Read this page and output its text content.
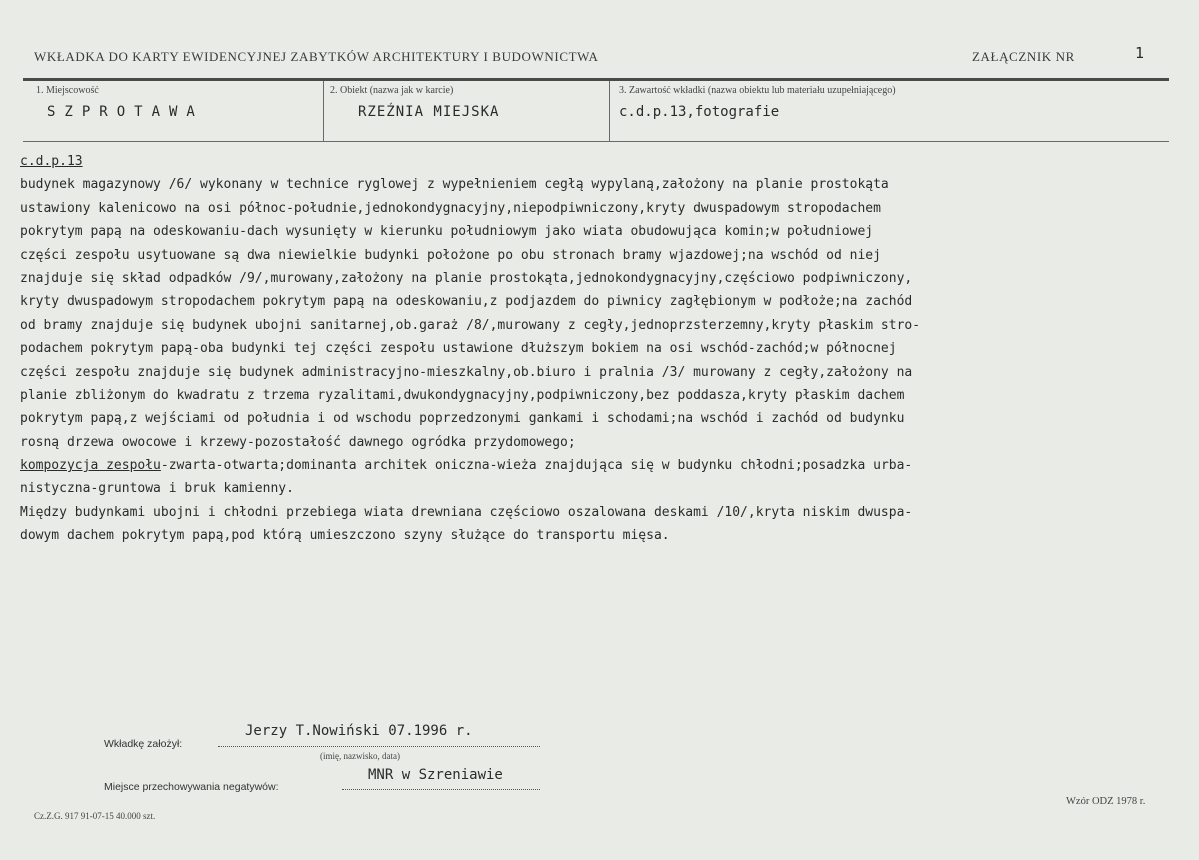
WKŁADKA DO KARTY EWIDENCYJNEJ ZABYTKÓW ARCHITEKTURY I BUDOWNICTWA	ZAŁĄCZNIK NR	1
1. Miejscowość
SZPROTAWA
2. Obiekt (nazwa jak w karcie)
RZEŹNIA MIEJSKA
3. Zawartość wkładki (nazwa obiektu lub materiału uzupełniającego)
c.d.p.13,fotografie
c.d.p.13
budynek magazynowy /6/ wykonany w technice ryglowej z wypełnieniem cegłą wypylaną,założony na planie prostokąta
ustawiony kalenicowo na osi północ-południe,jednokondygnacyjny,niepodpiwniczony,kryty dwuspadowym stropodachem
pokrytym papą na odeskowaniu-dach wysunięty w kierunku południowym jako wiata obudowująca komin;w południowej
części zespołu usytuowane są dwa niewielkie budynki położone po obu stronach bramy wjazdowej;na wschód od niej
znajduje się skład odpadków /9/,murowany,założony na planie prostokąta,jednokondygnacyjny,częściowo podpiwniczony,
kryty dwuspadowym stropodachem pokrytym papą na odeskowaniu,z podjazdem do piwnicy zagłębionym w podłoże;na zachód
od bramy znajduje się budynek ubojni sanitarnej,ob.garaż /8/,murowany z cegły,jednoprzsterzemny,kryty płaskim stro-
podachem pokrytym papą-oba budynki tej części zespołu ustawione dłuższym bokiem na osi wschód-zachód;w północnej
części zespołu znajduje się budynek administracyjno-mieszkalny,ob.biuro i pralnia /3/ murowany z cegły,założony na
planie zbliżonym do kwadratu z trzema ryzalitami,dwukondygnacyjny,podpiwniczony,bez poddasza,kryty płaskim dachem
pokrytym papą,z wejściami od południa i od wschodu poprzedzonymi gankami i schodami;na wschód i zachód od budynku
rosną drzewa owocowe i krzewy-pozostałość dawnego ogródka przydomowego;
kompozycja zespołu-zwarta-otwarta;dominanta architek oniczna-wieża znajdująca się w budynku chłodni;posadzka urba-
nistyczna-gruntowa i bruk kamienny.
Między budynkami ubojni i chłodni przebiega wiata drewniana częściowo oszalowana deskami /10/,kryta niskim dwuspa-
dowym dachem pokrytym papą,pod którą umieszczono szyny służące do transportu mięsa.
Wkładkę założył:
Jerzy T.Nowiński 07.1996 r.
(imię, nazwisko, data)
Miejsce przechowywania negatywów:
MNR w Szreniawie
Cz.Z.G. 917 91-07-15 40.000 szt.
Wzór ODZ 1978 r.
